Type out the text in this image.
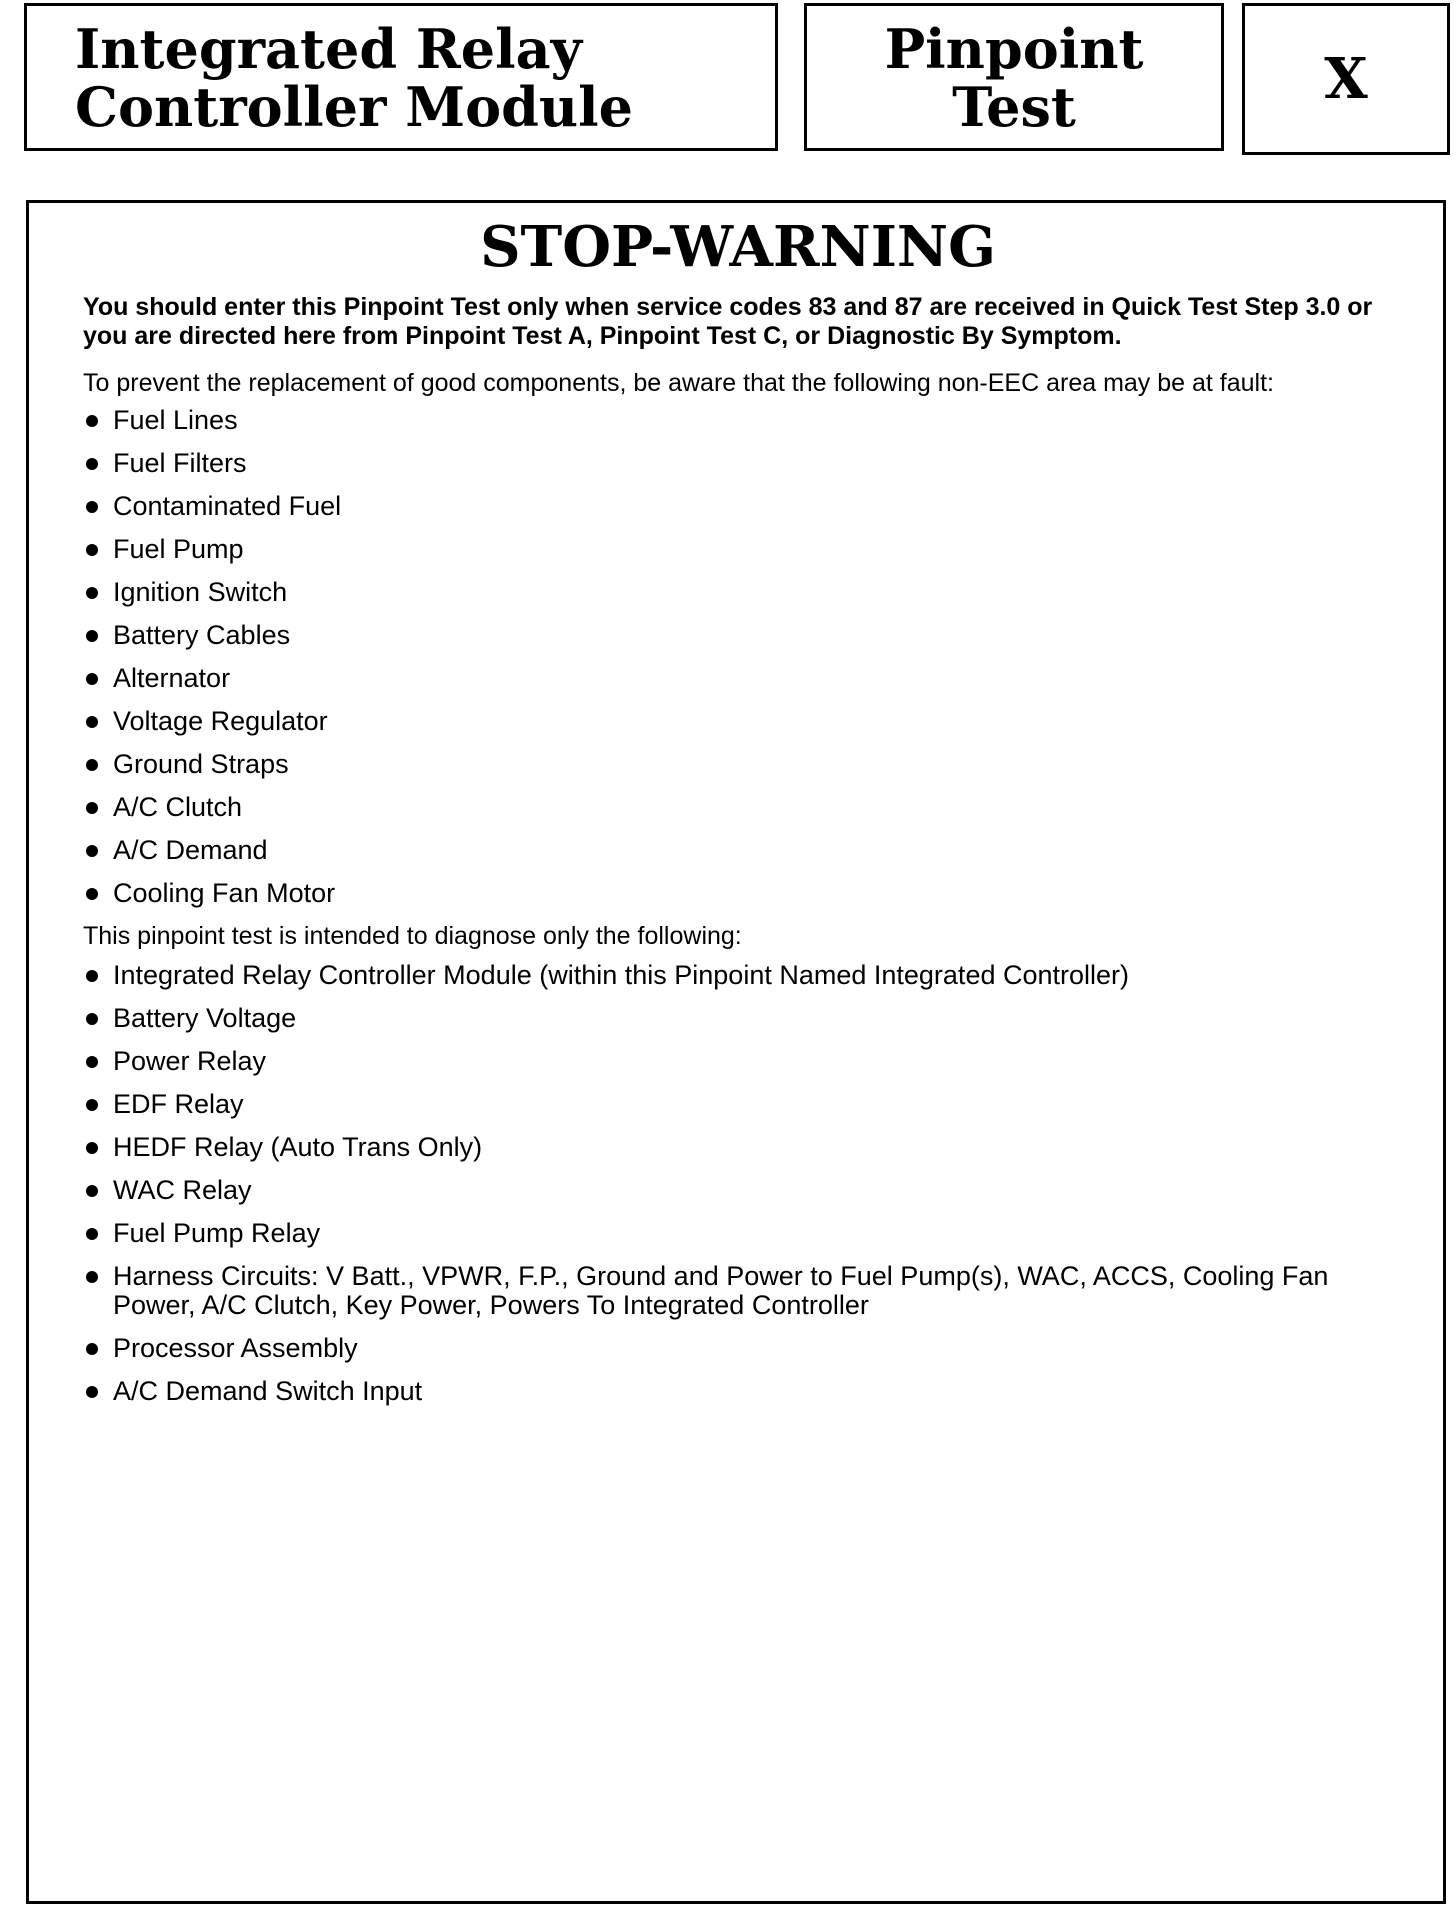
Integrated Relay
Controller Module
Pinpoint
Test	X
STOP-WARNING

You should enter this Pinpoint Test only when service codes 83 and 87 are received in Quick Test Step 3.0 or you are directed here from Pinpoint Test A, Pinpoint Test C, or Diagnostic By Symptom.

To prevent the replacement of good components, be aware that the following non-EEC area may be at fault:

Fuel Lines
Fuel Filters
Contaminated Fuel
Fuel Pump
Ignition Switch
Battery Cables
Alternator
Voltage Regulator
Ground Straps
A/C Clutch
A/C Demand
Cooling Fan Motor

This pinpoint test is intended to diagnose only the following:

Integrated Relay Controller Module (within this Pinpoint Named Integrated Controller)
Battery Voltage
Power Relay
EDF Relay
HEDF Relay (Auto Trans Only)
WAC Relay
Fuel Pump Relay
Harness Circuits: V Batt., VPWR, F.P., Ground and Power to Fuel Pump(s), WAC, ACCS, Cooling Fan Power, A/C Clutch, Key Power, Powers To Integrated Controller
Processor Assembly
A/C Demand Switch Input
